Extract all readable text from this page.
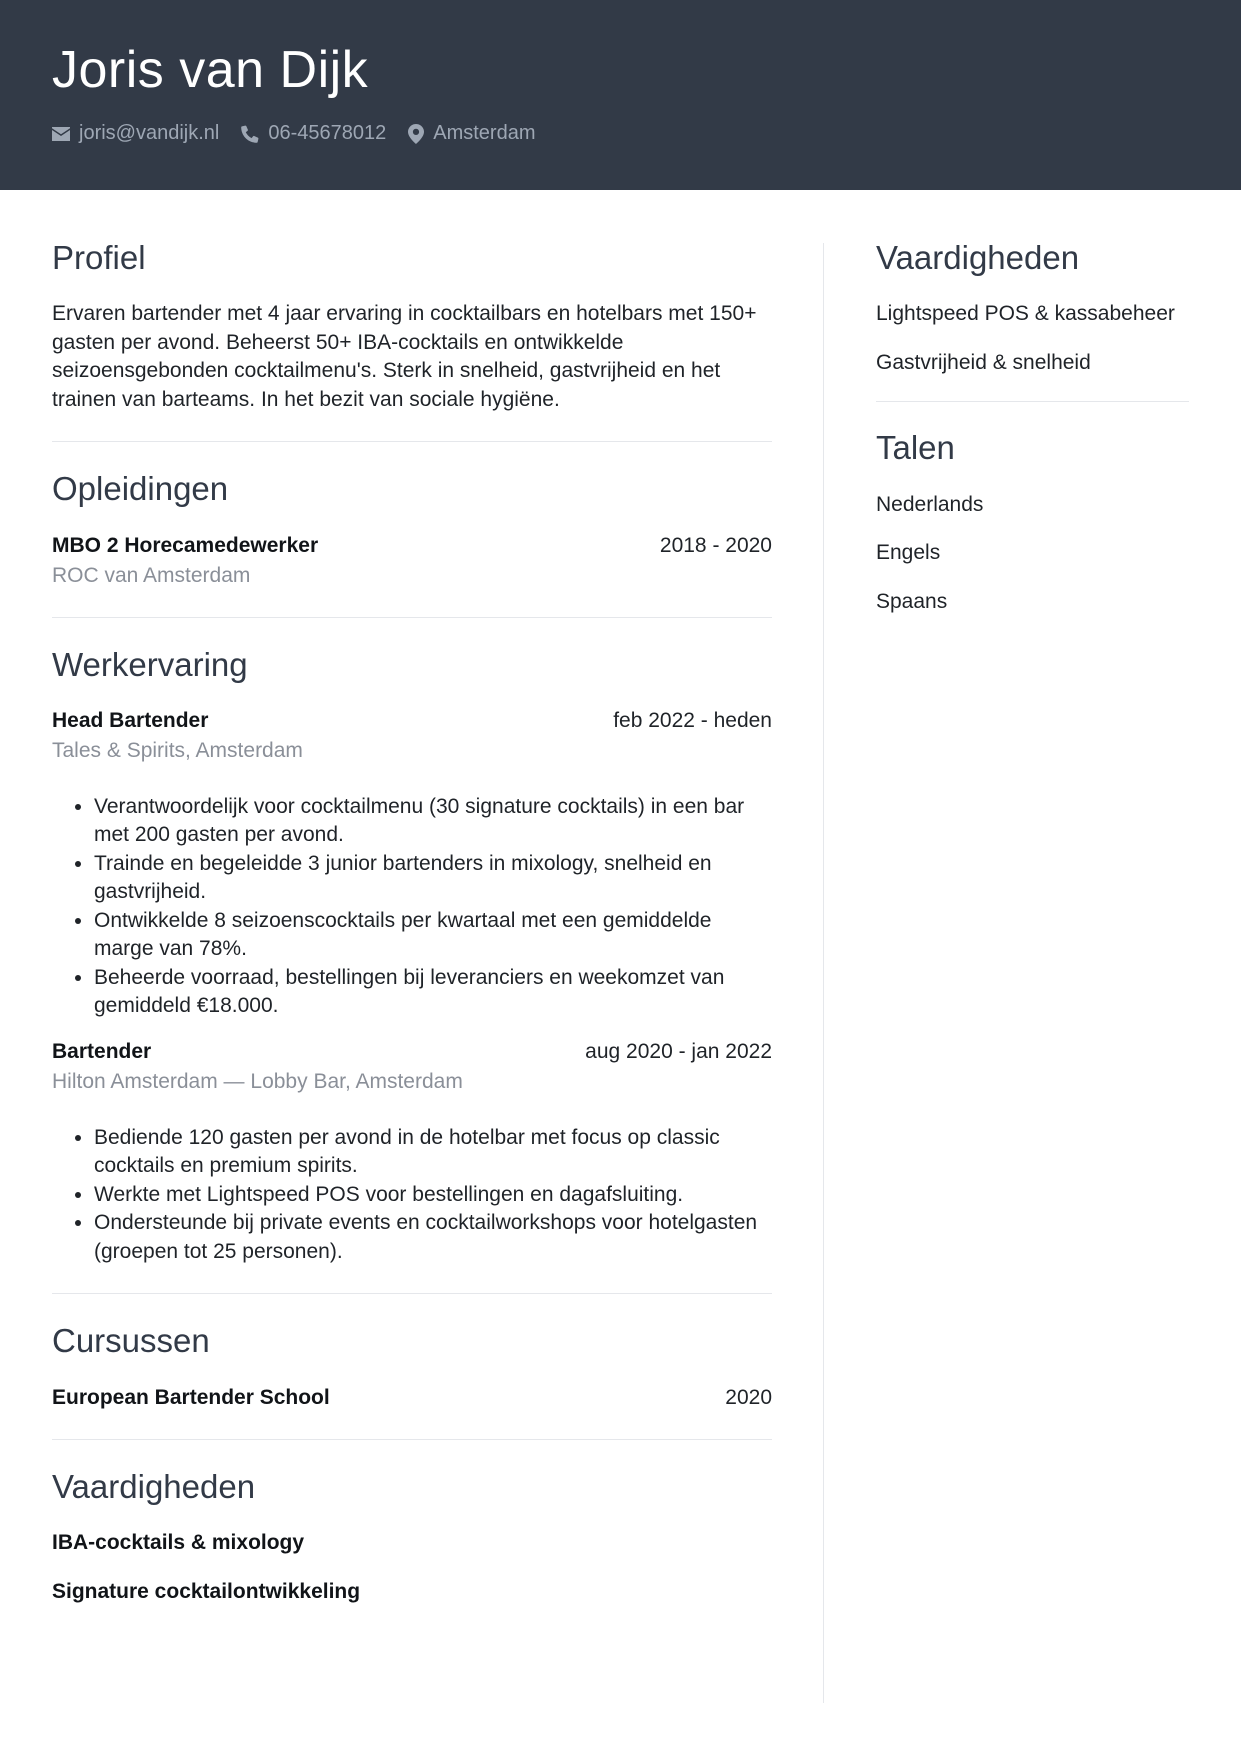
Joris van Dijk
joris@vandijk.nl 06-45678012 Amsterdam
Profiel

Ervaren bartender met 4 jaar ervaring in cocktailbars en hotelbars met 150+ gasten per avond. Beheerst 50+ IBA-cocktails en ontwikkelde seizoensgebonden cocktailmenu's. Sterk in snelheid, gastvrijheid en het trainen van barteams. In het bezit van sociale hygiëne.

Opleidingen
MBO 2 Horecamedewerker	2018 - 2020
ROC van Amsterdam
Werkervaring
Head Bartender	feb 2022 - heden
Tales & Spirits, Amsterdam
• Verantwoordelijk voor cocktailmenu (30 signature cocktails) in een bar met 200 gasten per avond.
• Trainde en begeleidde 3 junior bartenders in mixology, snelheid en gastvrijheid.
• Ontwikkelde 8 seizoenscocktails per kwartaal met een gemiddelde marge van 78%.
• Beheerde voorraad, bestellingen bij leveranciers en weekomzet van gemiddeld €18.000.
Bartender	aug 2020 - jan 2022
Hilton Amsterdam — Lobby Bar, Amsterdam
• Bediende 120 gasten per avond in de hotelbar met focus op classic cocktails en premium spirits.
• Werkte met Lightspeed POS voor bestellingen en dagafsluiting.
• Ondersteunde bij private events en cocktailworkshops voor hotelgasten (groepen tot 25 personen).
Cursussen
European Bartender School	2020
Vaardigheden
IBA-cocktails & mixology
Signature cocktailontwikkeling
Vaardigheden
Lightspeed POS & kassabeheer
Gastvrijheid & snelheid
Talen
Nederlands
Engels
Spaans
